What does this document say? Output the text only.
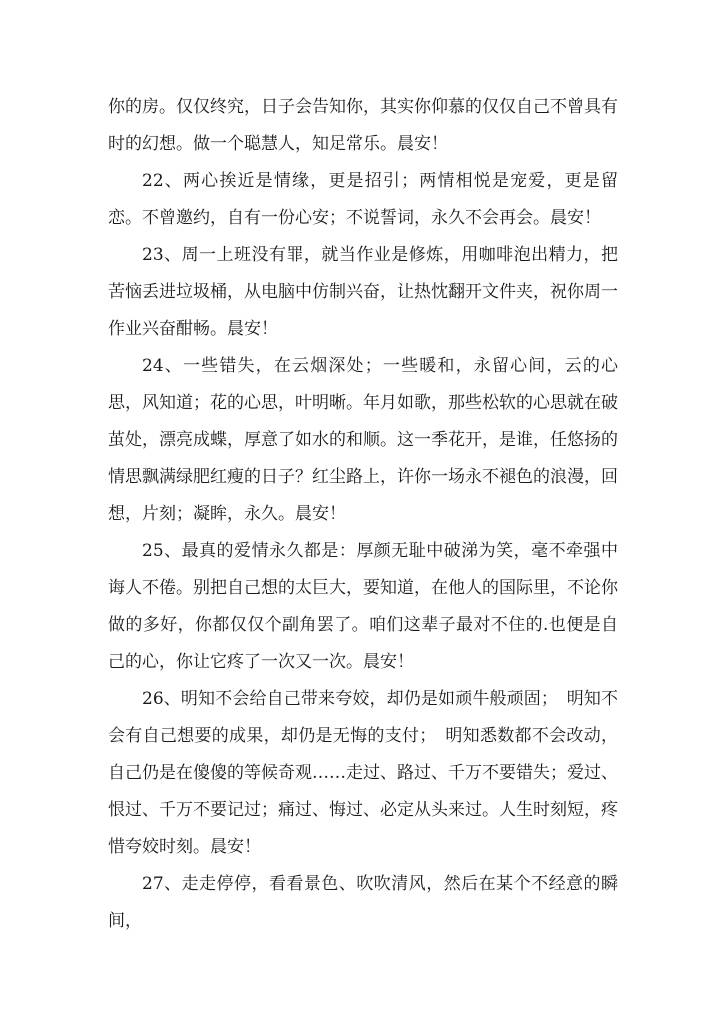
你的房。仅仅终究，日子会告知你，其实你仰慕的仅仅自己不曾具有时的幻想。做一个聪慧人，知足常乐。晨安！

22、两心挨近是情缘，更是招引；两情相悦是宠爱，更是留恋。不曾邀约，自有一份心安；不说誓词，永久不会再会。晨安！

23、周一上班没有罪，就当作业是修炼，用咖啡泡出精力，把苦恼丢进垃圾桶，从电脑中仿制兴奋，让热忱翻开文件夹，祝你周一作业兴奋酣畅。晨安！

24、一些错失，在云烟深处；一些暖和，永留心间，云的心思，风知道；花的心思，叶明晰。年月如歌，那些松软的心思就在破茧处，漂亮成蝶，厚意了如水的和顺。这一季花开，是谁，任悠扬的情思飘满绿肥红瘦的日子？红尘路上，许你一场永不褪色的浪漫，回想，片刻；凝眸，永久。晨安！

25、最真的爱情永久都是：厚颜无耻中破涕为笑，毫不牵强中诲人不倦。别把自己想的太巨大，要知道，在他人的国际里，不论你做的多好，你都仅仅个副角罢了。咱们这辈子最对不住的.也便是自己的心，你让它疼了一次又一次。晨安！

26、明知不会给自己带来夸姣，却仍是如顽牛般顽固；　明知不会有自己想要的成果，却仍是无悔的支付；　明知悉数都不会改动，自己仍是在傻傻的等候奇观……走过、路过、千万不要错失；爱过、恨过、千万不要记过；痛过、悔过、必定从头来过。人生时刻短，疼惜夸姣时刻。晨安！

27、走走停停，看看景色、吹吹清风，然后在某个不经意的瞬间，
